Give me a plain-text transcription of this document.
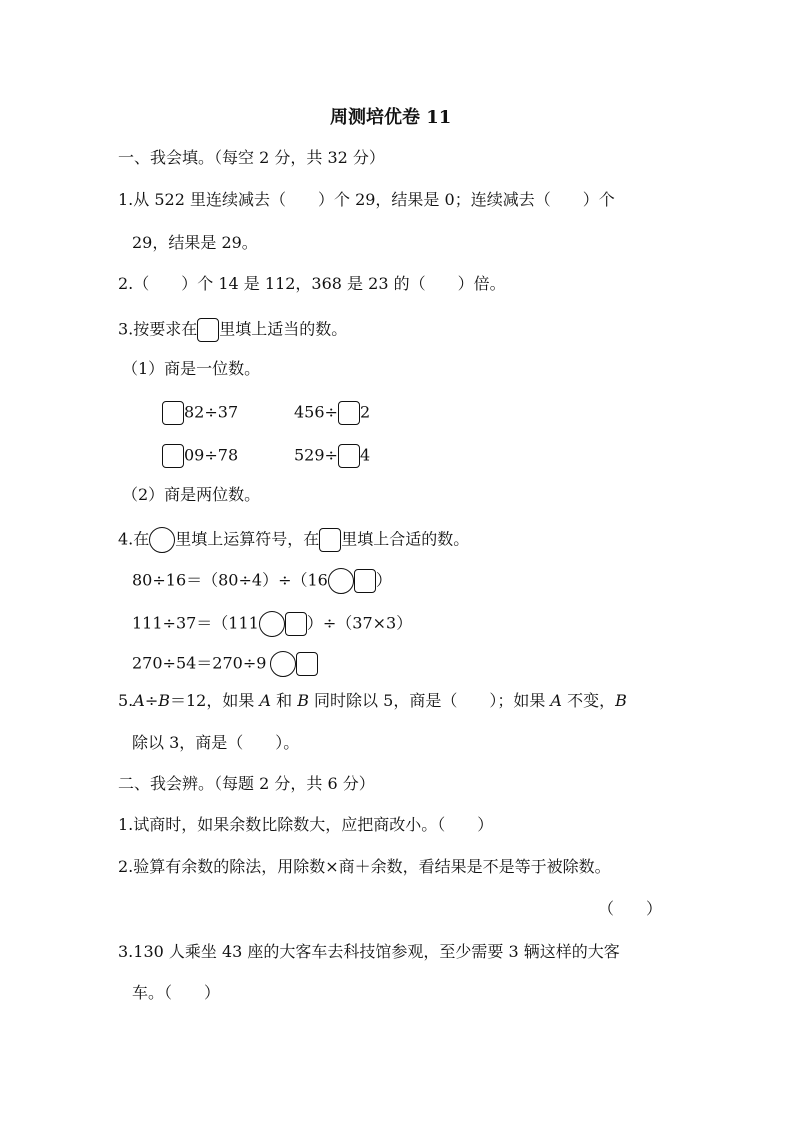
周测培优卷 11
一、我会填。（每空 2 分，共 32 分）
1.从 522 里连续减去（　　）个 29，结果是 0；连续减去（　　）个
29，结果是 29。
2.（　　）个 14 是 112，368 是 23 的（　　）倍。
3.按要求在 里填上适当的数。
（1）商是一位数。
82÷37	456÷ 2
09÷78	529÷ 4
（2）商是两位数。
4.在 里填上运算符号，在 里填上合适的数。
80÷16＝（80÷4）÷（16	）
111÷37＝（111	）÷（37×3）
270÷54＝270÷9
5.A÷B＝12，如果 A 和 B 同时除以 5，商是（　　）；如果 A 不变，B
除以 3，商是（　　）。
二、我会辨。（每题 2 分，共 6 分）
1.试商时，如果余数比除数大，应把商改小。（　　）
2.验算有余数的除法，用除数×商＋余数，看结果是不是等于被除数。
（　　）
3.130 人乘坐 43 座的大客车去科技馆参观，至少需要 3 辆这样的大客
车。（　　）
